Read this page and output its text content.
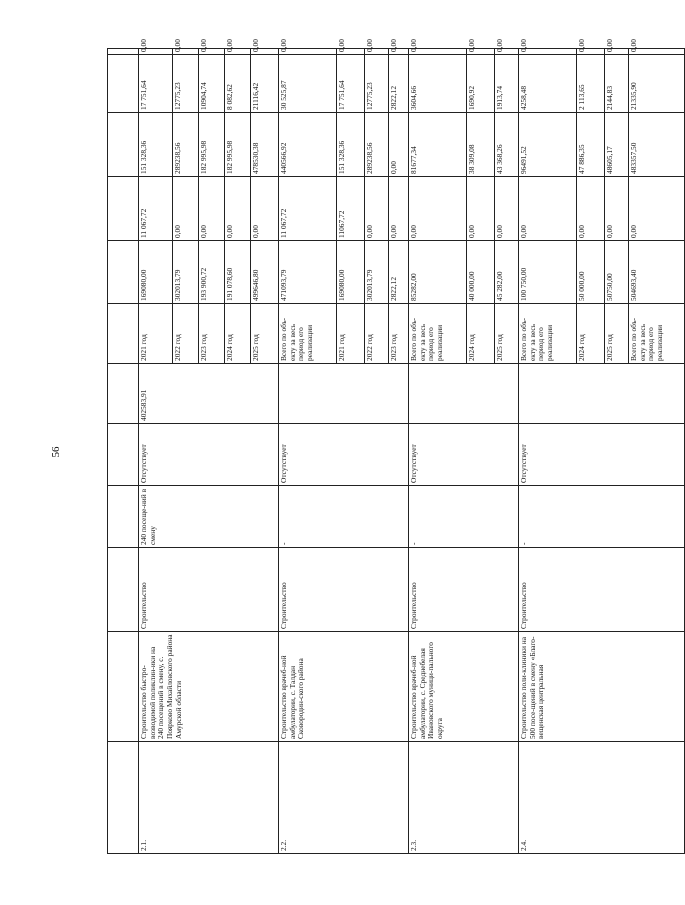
56

2.1.	Строительство быстро-возводимой поликлин-ики на 240 посещений в смену, с. Поярково Михайловского района Амурской области	Строительство	240 посеще-ний в смену	Отсутствует	402583,91	2021 год	169080,00	11 067,72	151 328,36	17 751,64	0,00	
						2022 год	302013,79	0,00	289238,56	12775,23	0,00	
						2023 год	193 900,72	0,00	182 995,98	10904,74	0,00	
						2024 год	191 078,60	0,00	182 995,98	8 082,62	0,00	
						2025 год	499646,80	0,00	478530,38	21116,42	0,00	
2.2.	Строительство врачеб-ной амбулатории, с. Талдан Сковородин-ского района	Строительство	-	Отсутствует		Всего по объ-екту за весь период его реализации	471093,79	11 067,72	440566,92	30 525,87	0,00	
						2021 год	169080,00	11067,72	151 328,36	17 751,64	0,00	
						2022 год	302013,79	0,00	289238,56	12775,23	0,00	
						2023 год	2822,12	0,00	0,00	2822,12	0,00	
2.3.	Строительство врачеб-ной амбулатории, с. Среднебелая Ивановского муници-пального округа	Строительство	-	Отсутствует		Всего по объ-екту за весь период его реализации	85282,00	0,00	81677,34	3604,66	0,00	
						2024 год	40 000,00	0,00	38 309,08	1690,92	0,00	
						2025 год	45 282,00	0,00	43 368,26	1913,74	0,00	
2.4.	Строительство поли-клиники на 500 посе-щений в смену «Благо-вещенская центральная	Строительство	-	Отсутствует		Всего по объ-екту за весь период его реализации	100 750,00	0,00	96491,52	4258,48	0,00	
						2024 год	50 000,00	0,00	47 886,35	2 113,65	0,00	
						2025 год	50750,00	0,00	48605,17	2144,83	0,00	
						Всего по объ-екту за весь период его реализации	504693,40	0,00	483357,50	21335,90	0,00	
